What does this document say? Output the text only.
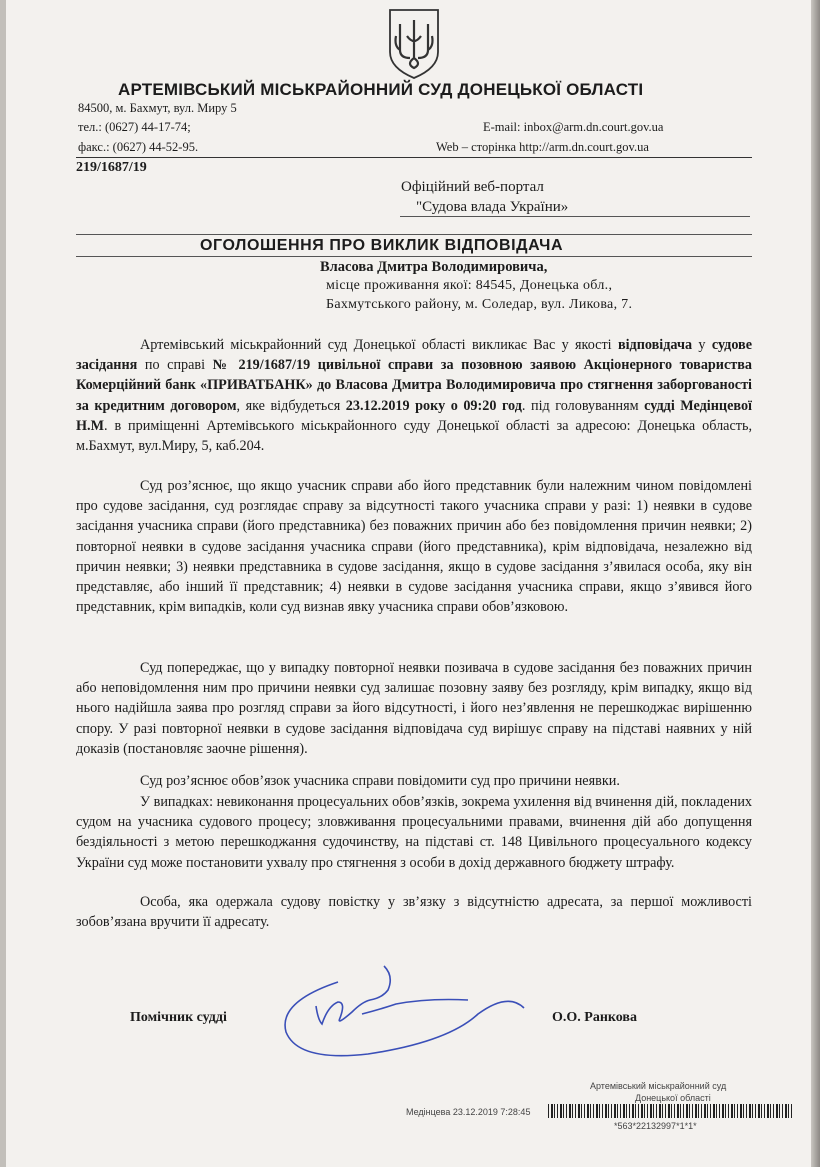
АРТЕМІВСЬКИЙ МІСЬКРАЙОННИЙ СУД ДОНЕЦЬКОЇ ОБЛАСТІ
84500, м. Бахмут, вул. Миру 5
тел.: (0627) 44-17-74;	E-mail: inbox@arm.dn.court.gov.ua
факс.: (0627) 44-52-95.	Web – сторінка http://arm.dn.court.gov.ua
219/1687/19
Офіційний веб-портал
"Судова влада України»
ОГОЛОШЕННЯ ПРО ВИКЛИК ВІДПОВІДАЧА
Власова Дмитра Володимировича,
місце проживання якої: 84545, Донецька обл.,
Бахмутського району, м. Соледар, вул. Ликова, 7.

Артемівський міськрайонний суд Донецької області викликає Вас у якості відповідача у судове засідання по справі № 219/1687/19 цивільної справи за позовною заявою Акціонерного товариства Комерційний банк «ПРИВАТБАНК» до Власова Дмитра Володимировича про стягнення заборгованості за кредитним договором, яке відбудеться 23.12.2019 року о 09:20 год. під головуванням судді Медінцевої Н.М. в приміщенні Артемівського міськрайонного суду Донецької області за адресою: Донецька область, м.Бахмут, вул.Миру, 5, каб.204.

Суд роз’яснює, що якщо учасник справи або його представник були належним чином повідомлені про судове засідання, суд розглядає справу за відсутності такого учасника справи у разі: 1) неявки в судове засідання учасника справи (його представника) без поважних причин або без повідомлення причин неявки; 2) повторної неявки в судове засідання учасника справи (його представника), крім відповідача, незалежно від причин неявки; 3) неявки представника в судове засідання, якщо в судове засідання з’явилася особа, яку він представляє, або інший її представник; 4) неявки в судове засідання учасника справи, якщо з’явився його представник, крім випадків, коли суд визнав явку учасника справи обов’язковою.

Суд попереджає, що у випадку повторної неявки позивача в судове засідання без поважних причин або неповідомлення ним про причини неявки суд залишає позовну заяву без розгляду, крім випадку, якщо від нього надійшла заява про розгляд справи за його відсутності, і його нез’явлення не перешкоджає вирішенню спору. У разі повторної неявки в судове засідання відповідача суд вирішує справу на підставі наявних у ній доказів (постановляє заочне рішення).

Суд роз’яснює обов’язок учасника справи повідомити суд про причини неявки.

У випадках: невиконання процесуальних обов’язків, зокрема ухилення від вчинення дій, покладених судом на учасника судового процесу; зловживання процесуальними правами, вчинення дій або допущення бездіяльності з метою перешкоджання судочинству, на підставі ст. 148 Цивільного процесуального кодексу України суд може постановити ухвалу про стягнення з особи в дохід державного бюджету штрафу.

Особа, яка одержала судову повістку у зв’язку з відсутністю адресата, за першої можливості зобов’язана вручити її адресату.

Помічник судді	О.О. Ранкова
Артемівський міськрайонний суд
Донецької області
Медінцева 23.12.2019 7:28:45
*563*22132997*1*1*
